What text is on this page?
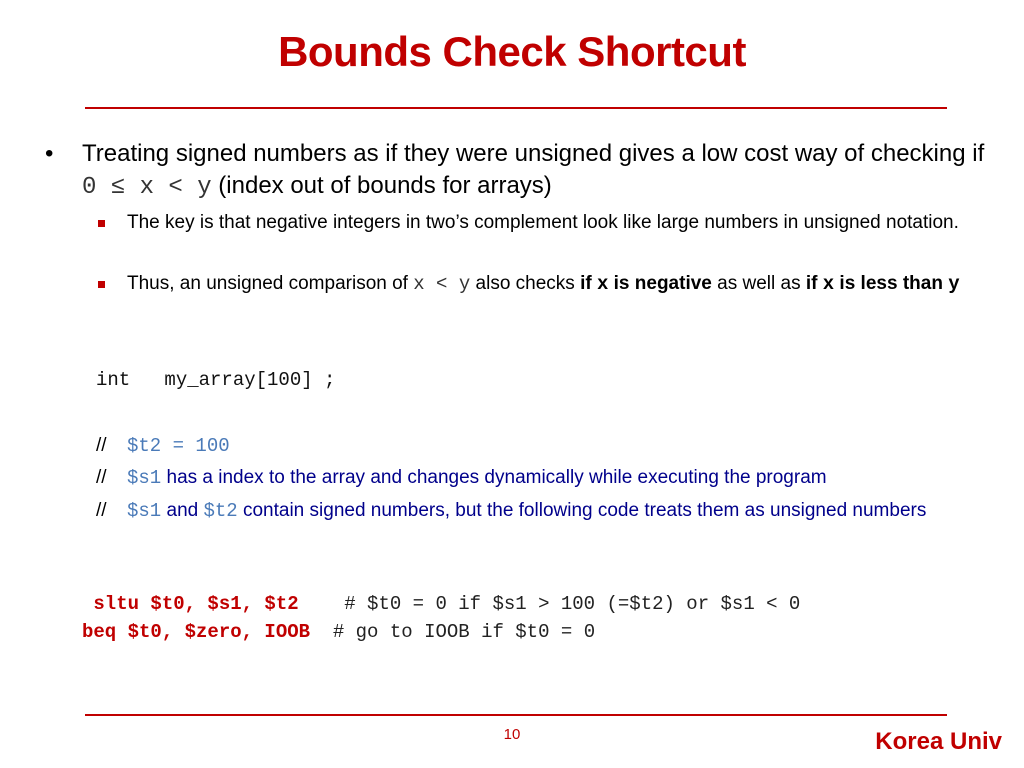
Bounds Check Shortcut
• Treating signed numbers as if they were unsigned gives a low cost way of checking if 0 ≤ x < y (index out of bounds for arrays)
The key is that negative integers in two’s complement look like large numbers in unsigned notation.
Thus, an unsigned comparison of x < y also checks if x is negative as well as if x is less than y
int   my_array[100] ;
// $t2 = 100
// $s1 has a index to the array and changes dynamically while executing the program
// $s1 and $t2 contain signed numbers, but the following code treats them as unsigned numbers
sltu $t0, $s1, $t2    # $t0 = 0 if $s1 > 100 (=$t2) or $s1 < 0
beq $t0, $zero, IOOB  # go to IOOB if $t0 = 0
10	Korea Univ
